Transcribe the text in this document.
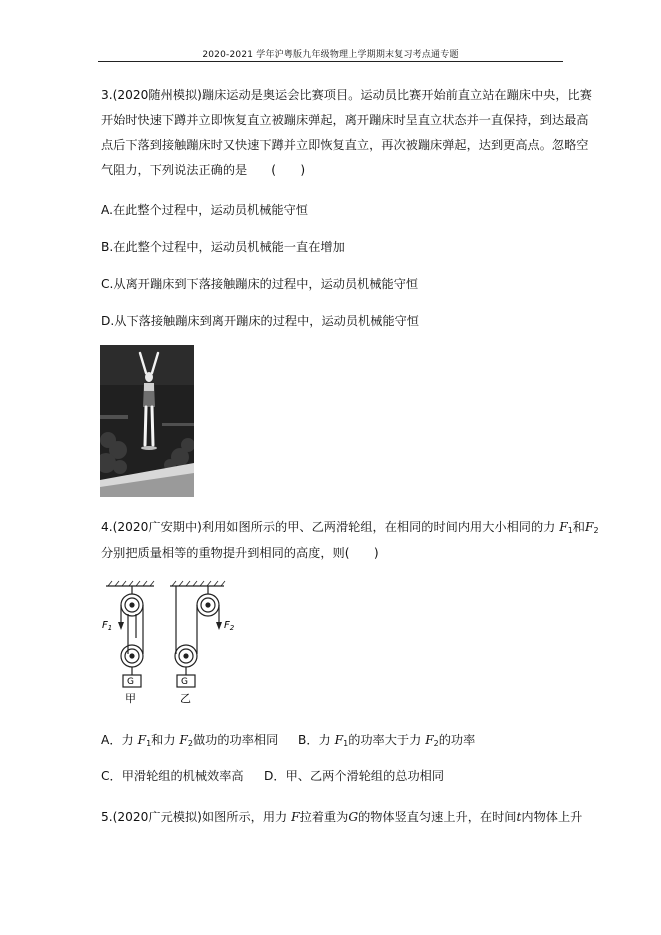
2020-2021 学年沪粤版九年级物理上学期期末复习考点通专题
3.(2020随州模拟)蹦床运动是奥运会比赛项目。运动员比赛开始前直立站在蹦床中央，比赛
开始时快速下蹲并立即恢复直立被蹦床弹起，离开蹦床时呈直立状态并一直保持，到达最高
点后下落到接触蹦床时又快速下蹲并立即恢复直立，再次被蹦床弹起，达到更高点。忽略空
气阻力，下列说法正确的是 (　　)
A.在此整个过程中，运动员机械能守恒
B.在此整个过程中，运动员机械能一直在增加
C.从离开蹦床到下落接触蹦床的过程中，运动员机械能守恒
D.从下落接触蹦床到离开蹦床的过程中，运动员机械能守恒
4.(2020广安期中)利用如图所示的甲、乙两滑轮组，在相同的时间内用大小相同的力 $F_1$和$F_2$
分别把质量相等的重物提升到相同的高度，则(　　)
$F_1$
G
甲
$F_2$
G
乙
A．力 $F_1$和力 $F_2$做功的功率相同 B．力 $F_1$的功率大于力 $F_2$的功率
C．甲滑轮组的机械效率高 D．甲、乙两个滑轮组的总功相同
5.(2020广元模拟)如图所示，用力 F拉着重为G的物体竖直匀速上升，在时间t内物体上升
